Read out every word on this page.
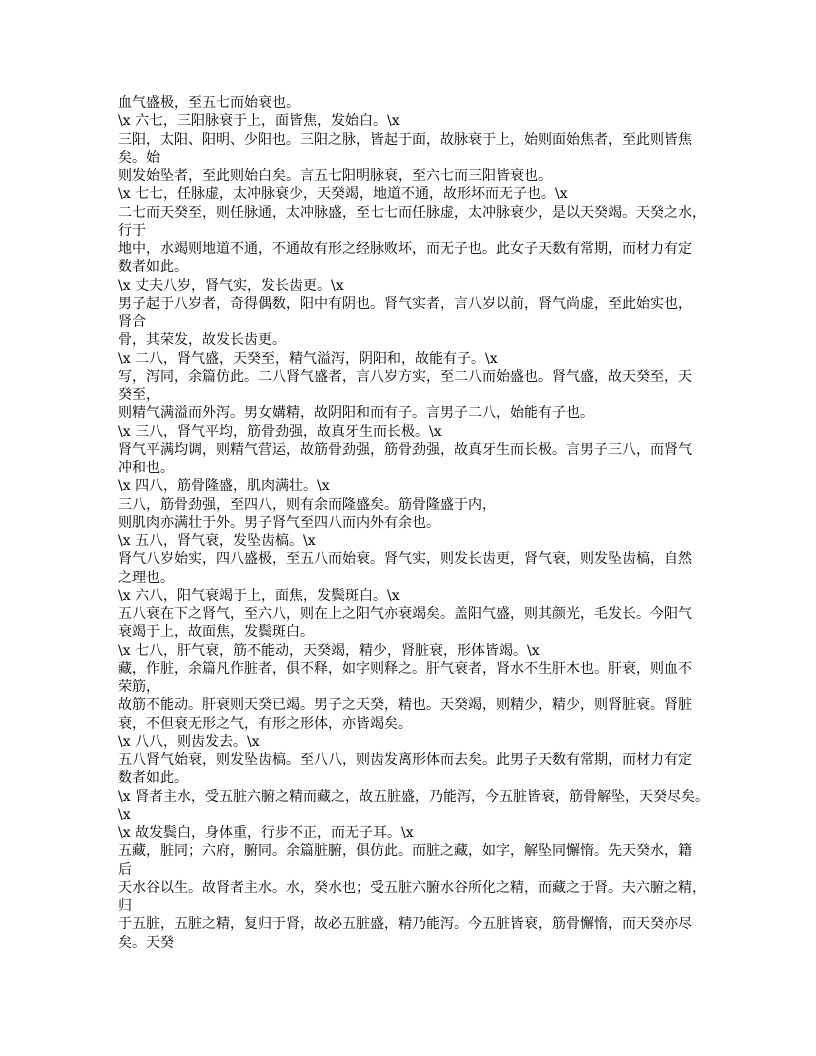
血气盛极，至五七而始衰也。
\x 六七，三阳脉衰于上，面皆焦，发始白。\x
三阳，太阳、阳明、少阳也。三阳之脉，皆起于面，故脉衰于上，始则面始焦者，至此则皆焦
矣。始
则发始坠者，至此则始白矣。言五七阳明脉衰，至六七而三阳皆衰也。
\x 七七，任脉虚，太冲脉衰少，天癸竭，地道不通，故形坏而无子也。\x
二七而天癸至，则任脉通，太冲脉盛，至七七而任脉虚，太冲脉衰少，是以天癸竭。天癸之水，
行于
地中，水竭则地道不通，不通故有形之经脉败坏，而无子也。此女子天数有常期，而材力有定
数者如此。
\x 丈夫八岁，肾气实，发长齿更。\x
男子起于八岁者，奇得偶数，阳中有阴也。肾气实者，言八岁以前，肾气尚虚，至此始实也，
肾合
骨，其荣发，故发长齿更。
\x 二八，肾气盛，天癸至，精气溢泻，阴阳和，故能有子。\x
写，泻同，余篇仿此。二八肾气盛者，言八岁方实，至二八而始盛也。肾气盛，故天癸至，天
癸至，
则精气满溢而外泻。男女媾精，故阴阳和而有子。言男子二八，始能有子也。
\x 三八，肾气平均，筋骨劲强，故真牙生而长极。\x
肾气平满均调，则精气营运，故筋骨劲强，筋骨劲强，故真牙生而长极。言男子三八，而肾气
冲和也。
\x 四八，筋骨隆盛，肌肉满壮。\x
三八，筋骨劲强，至四八，则有余而隆盛矣。筋骨隆盛于内，
则肌肉亦满壮于外。男子肾气至四八而内外有余也。
\x 五八，肾气衰，发坠齿槁。\x
肾气八岁始实，四八盛极，至五八而始衰。肾气实，则发长齿更，肾气衰，则发坠齿槁，自然
之理也。
\x 六八，阳气衰竭于上，面焦，发鬓斑白。\x
五八衰在下之肾气，至六八，则在上之阳气亦衰竭矣。盖阳气盛，则其颜光，毛发长。今阳气
衰竭于上，故面焦，发鬓斑白。
\x 七八，肝气衰，筋不能动，天癸竭，精少，肾脏衰，形体皆竭。\x
藏，作脏，余篇凡作脏者，俱不释，如字则释之。肝气衰者，肾水不生肝木也。肝衰，则血不
荣筋，
故筋不能动。肝衰则天癸已竭。男子之天癸，精也。天癸竭，则精少，精少，则肾脏衰。肾脏
衰，不但衰无形之气，有形之形体，亦皆竭矣。
\x 八八，则齿发去。\x
五八肾气始衰，则发坠齿槁。至八八，则齿发离形体而去矣。此男子天数有常期，而材力有定
数者如此。
\x 肾者主水，受五脏六腑之精而藏之，故五脏盛，乃能泻，今五脏皆衰，筋骨解坠，天癸尽矣。
\x
\x 故发鬓白，身体重，行步不正，而无子耳。\x
五藏，脏同；六府，腑同。余篇脏腑，俱仿此。而脏之藏，如字，解坠同懈惰。先天癸水，籍
后
天水谷以生。故肾者主水。水，癸水也；受五脏六腑水谷所化之精，而藏之于肾。夫六腑之精，
归
于五脏，五脏之精，复归于肾，故必五脏盛，精乃能泻。今五脏皆衰，筋骨懈惰，而天癸亦尽
矣。天癸
